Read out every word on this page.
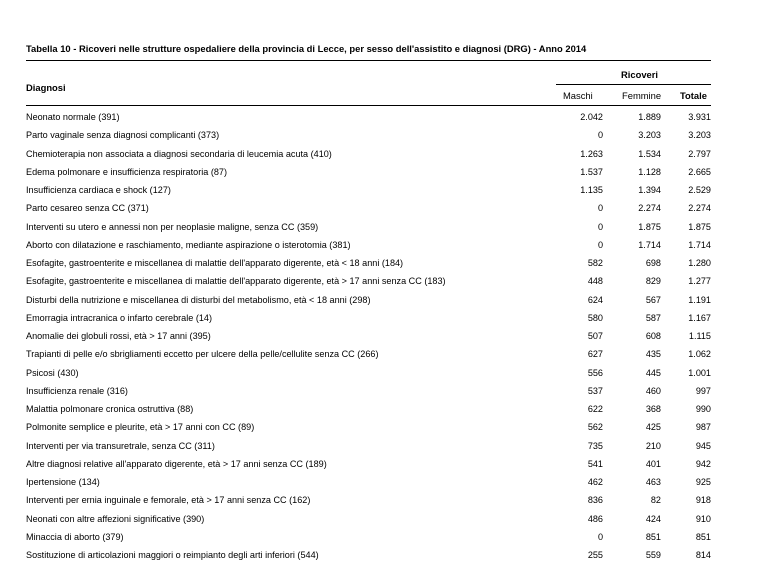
Tabella 10 - Ricoveri nelle strutture ospedaliere della provincia di Lecce, per sesso dell'assistito e diagnosi (DRG) - Anno 2014
Diagnosi
Ricoveri
Maschi	Femmine Totale
Neonato normale (391)	2.042	1.889	3.931
Parto vaginale senza diagnosi complicanti (373)	0	3.203	3.203
Chemioterapia non associata a diagnosi secondaria di leucemia acuta (410)	1.263	1.534	2.797
Edema polmonare e insufficienza respiratoria (87)	1.537	1.128	2.665
Insufficienza cardiaca e shock (127)	1.135	1.394	2.529
Parto cesareo senza CC (371)	0	2.274	2.274
Interventi su utero e annessi non per neoplasie maligne, senza CC (359)	0	1.875	1.875
Aborto con dilatazione e raschiamento, mediante aspirazione o isterotomia (381)	0	1.714	1.714
Esofagite, gastroenterite e miscellanea di malattie dell'apparato digerente, età < 18 anni (184)	582	698	1.280
Esofagite, gastroenterite e miscellanea di malattie dell'apparato digerente, età > 17 anni senza CC (183)	448	829	1.277
Disturbi della nutrizione e miscellanea di disturbi del metabolismo, età < 18 anni (298)	624	567	1.191
Emorragia intracranica o infarto cerebrale (14)	580	587	1.167
Anomalie dei globuli rossi, età > 17 anni (395)	507	608	1.115
Trapianti di pelle e/o sbrigliamenti eccetto per ulcere della pelle/cellulite senza CC (266)	627	435	1.062
Psicosi (430)	556	445	1.001
Insufficienza renale (316)	537	460	997
Malattia polmonare cronica ostruttiva (88)	622	368	990
Polmonite semplice e pleurite, età > 17 anni con CC (89)	562	425	987
Interventi per via transuretrale, senza CC (311)	735	210	945
Altre diagnosi relative all'apparato digerente, età > 17 anni senza CC (189)	541	401	942
Ipertensione (134)	462	463	925
Interventi per ernia inguinale e femorale, età > 17 anni senza CC (162)	836	82	918
Neonati con altre affezioni significative (390)	486	424	910
Minaccia di aborto (379)	0	851	851
Sostituzione di articolazioni maggiori o reimpianto degli arti inferiori (544)	255	559	814
